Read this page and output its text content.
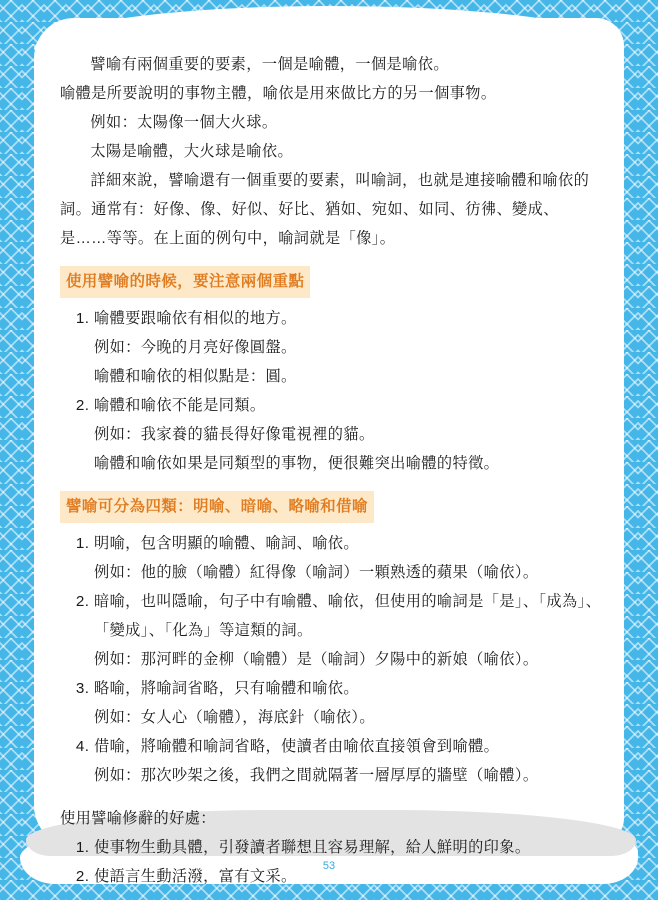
譬喻有兩個重要的要素，一個是喻體，一個是喻依。

喻體是所要說明的事物主體，喻依是用來做比方的另一個事物。

例如：太陽像一個大火球。

太陽是喻體，大火球是喻依。

詳細來說，譬喻還有一個重要的要素，叫喻詞，也就是連接喻體和喻依的詞。通常有：好像、像、好似、好比、猶如、宛如、如同、彷彿、變成、是……等等。在上面的例句中，喻詞就是「像」。

使用譬喻的時候，要注意兩個重點
1. 喻體要跟喻依有相似的地方。
例如：今晚的月亮好像圓盤。
喻體和喻依的相似點是：圓。
2. 喻體和喻依不能是同類。
例如：我家養的貓長得好像電視裡的貓。
喻體和喻依如果是同類型的事物，便很難突出喻體的特徵。
譬喻可分為四類：明喻、暗喻、略喻和借喻
1. 明喻，包含明顯的喻體、喻詞、喻依。
例如：他的臉（喻體）紅得像（喻詞）一顆熟透的蘋果（喻依）。
2. 暗喻，也叫隱喻，句子中有喻體、喻依，但使用的喻詞是「是」、「成為」、「變成」、「化為」等這類的詞。
例如：那河畔的金柳（喻體）是（喻詞）夕陽中的新娘（喻依）。
3. 略喻，將喻詞省略，只有喻體和喻依。
例如：女人心（喻體），海底針（喻依）。
4. 借喻，將喻體和喻詞省略，使讀者由喻依直接領會到喻體。
例如：那次吵架之後，我們之間就隔著一層厚厚的牆壁（喻體）。

使用譬喻修辭的好處：

1. 使事物生動具體，引發讀者聯想且容易理解，給人鮮明的印象。
2. 使語言生動活潑，富有文采。
53
